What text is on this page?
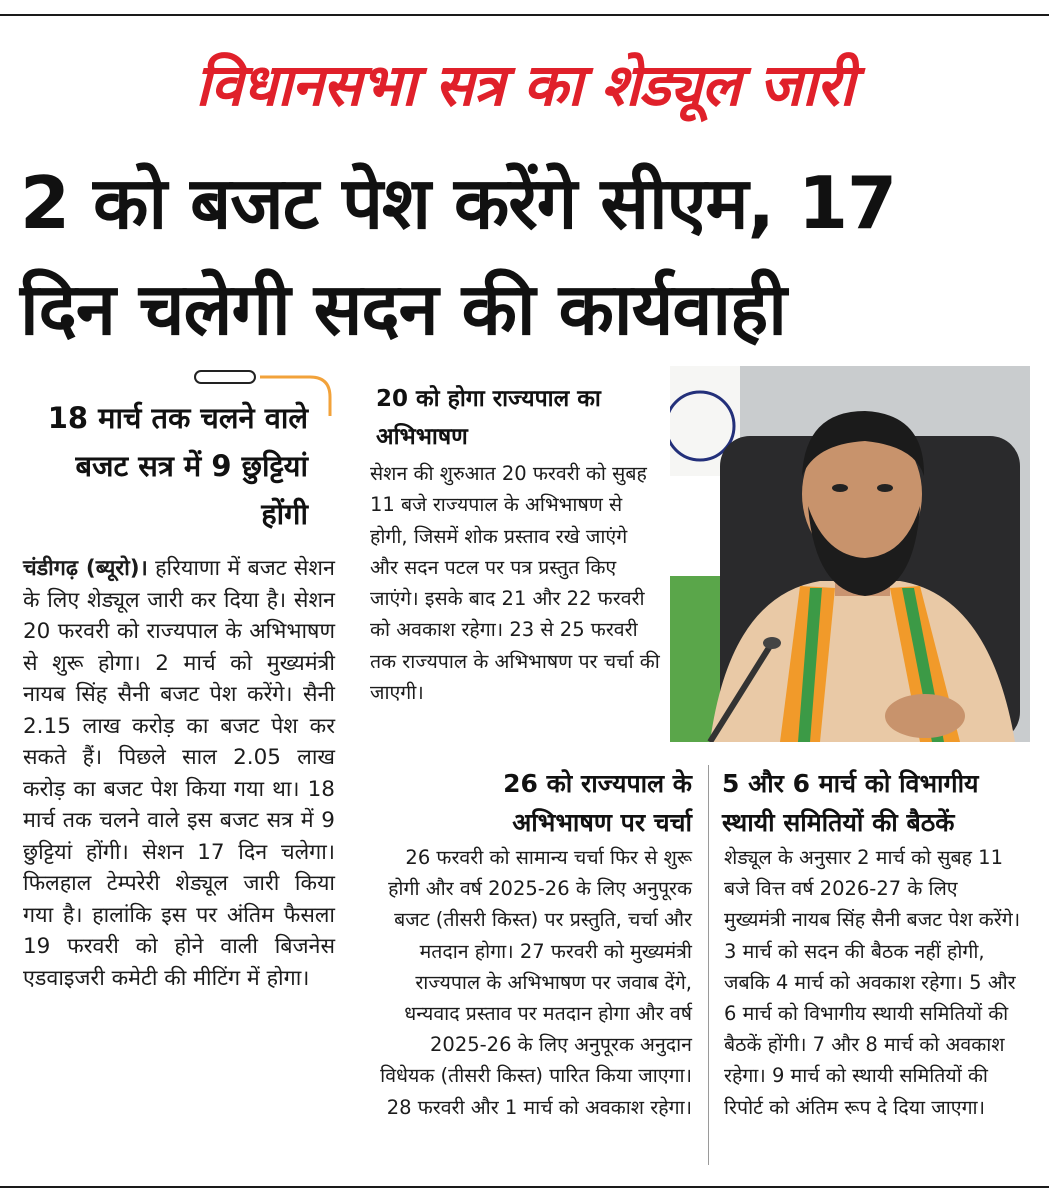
विधानसभा सत्र का शेड्यूल जारी
2 को बजट पेश करेंगे सीएम, 17
दिन चलेगी सदन की कार्यवाही
18 मार्च तक चलने वाले बजट सत्र में 9 छुट्टियां होंगी
चंडीगढ़ (ब्यूरो)। हरियाणा में बजट सेशन के लिए शेड्यूल जारी कर दिया है। सेशन 20 फरवरी को राज्यपाल के अभिभाषण से शुरू होगा। 2 मार्च को मुख्यमंत्री नायब सिंह सैनी बजट पेश करेंगे। सैनी 2.15 लाख करोड़ का बजट पेश कर सकते हैं। पिछले साल 2.05 लाख करोड़ का बजट पेश किया गया था। 18 मार्च तक चलने वाले इस बजट सत्र में 9 छुट्टियां होंगी। सेशन 17 दिन चलेगा। फिलहाल टेम्परेरी शेड्यूल जारी किया गया है। हालांकि इस पर अंतिम फैसला 19 फरवरी को होने वाली बिजनेस एडवाइजरी कमेटी की मीटिंग में होगा।
20 को होगा राज्यपाल का अभिभाषण
सेशन की शुरुआत 20 फरवरी को सुबह 11 बजे राज्यपाल के अभिभाषण से होगी, जिसमें शोक प्रस्ताव रखे जाएंगे और सदन पटल पर पत्र प्रस्तुत किए जाएंगे। इसके बाद 21 और 22 फरवरी को अवकाश रहेगा। 23 से 25 फरवरी तक राज्यपाल के अभिभाषण पर चर्चा की जाएगी।
26 को राज्यपाल के अभिभाषण पर चर्चा
26 फरवरी को सामान्य चर्चा फिर से शुरू होगी और वर्ष 2025-26 के लिए अनुपूरक बजट (तीसरी किस्त) पर प्रस्तुति, चर्चा और मतदान होगा। 27 फरवरी को मुख्यमंत्री राज्यपाल के अभिभाषण पर जवाब देंगे, धन्यवाद प्रस्ताव पर मतदान होगा और वर्ष 2025-26 के लिए अनुपूरक अनुदान विधेयक (तीसरी किस्त) पारित किया जाएगा। 28 फरवरी और 1 मार्च को अवकाश रहेगा।
5 और 6 मार्च को विभागीय स्थायी समितियों की बैठकें
शेड्यूल के अनुसार 2 मार्च को सुबह 11 बजे वित्त वर्ष 2026-27 के लिए मुख्यमंत्री नायब सिंह सैनी बजट पेश करेंगे। 3 मार्च को सदन की बैठक नहीं होगी, जबकि 4 मार्च को अवकाश रहेगा। 5 और 6 मार्च को विभागीय स्थायी समितियों की बैठकें होंगी। 7 और 8 मार्च को अवकाश रहेगा। 9 मार्च को स्थायी समितियों की रिपोर्ट को अंतिम रूप दे दिया जाएगा।
